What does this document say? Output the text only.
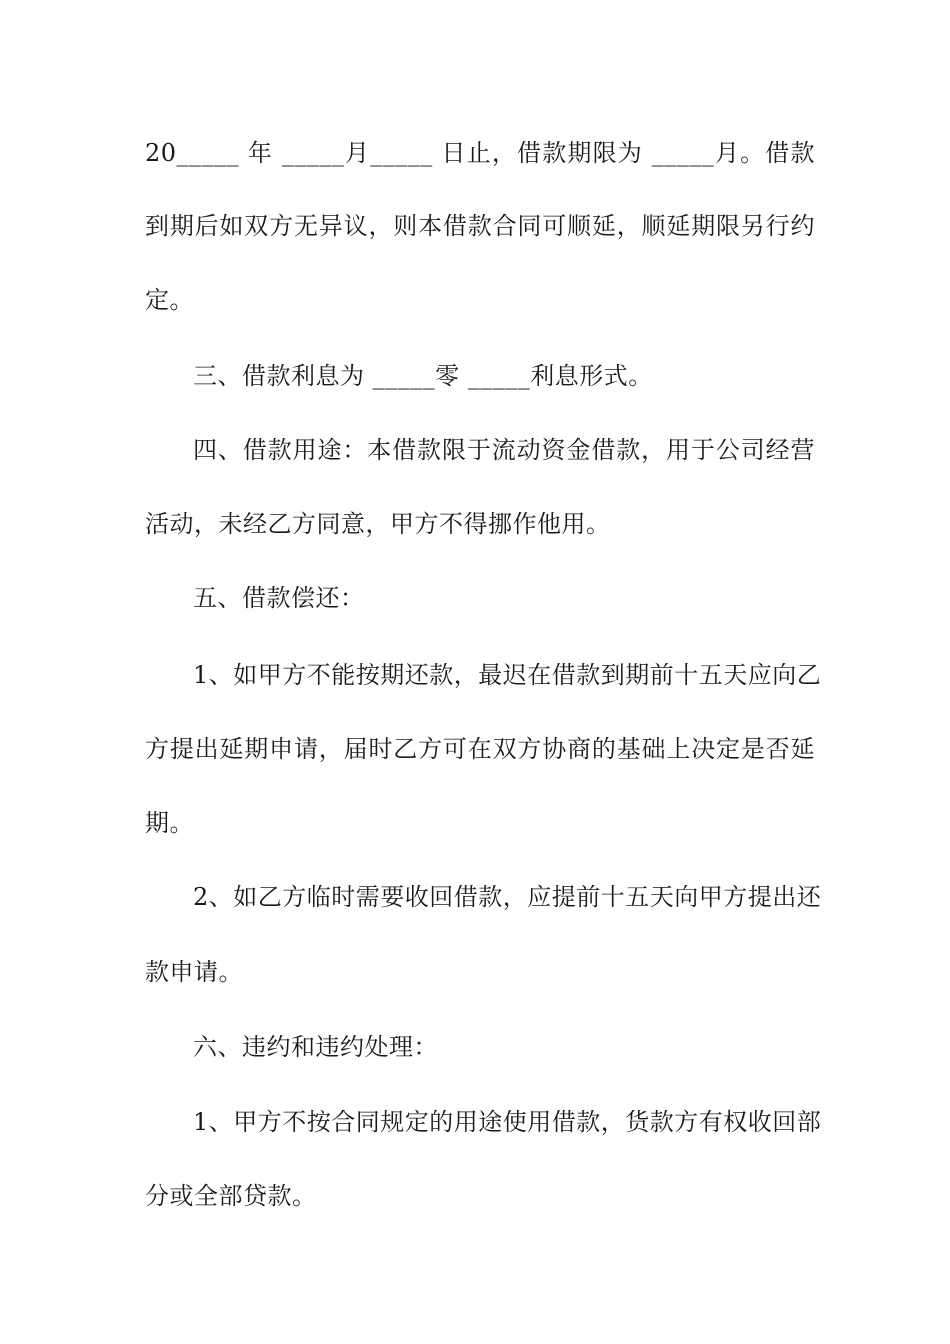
20_____ 年 _____月_____ 日止，借款期限为 _____月。借款
到期后如双方无异议，则本借款合同可顺延，顺延期限另行约
定。
三、借款利息为 _____零 _____利息形式。
四、借款用途：本借款限于流动资金借款，用于公司经营
活动，未经乙方同意，甲方不得挪作他用。
五、借款偿还：
1、如甲方不能按期还款，最迟在借款到期前十五天应向乙
方提出延期申请，届时乙方可在双方协商的基础上决定是否延
期。
2、如乙方临时需要收回借款，应提前十五天向甲方提出还
款申请。
六、违约和违约处理：
1、甲方不按合同规定的用途使用借款，货款方有权收回部
分或全部贷款。
